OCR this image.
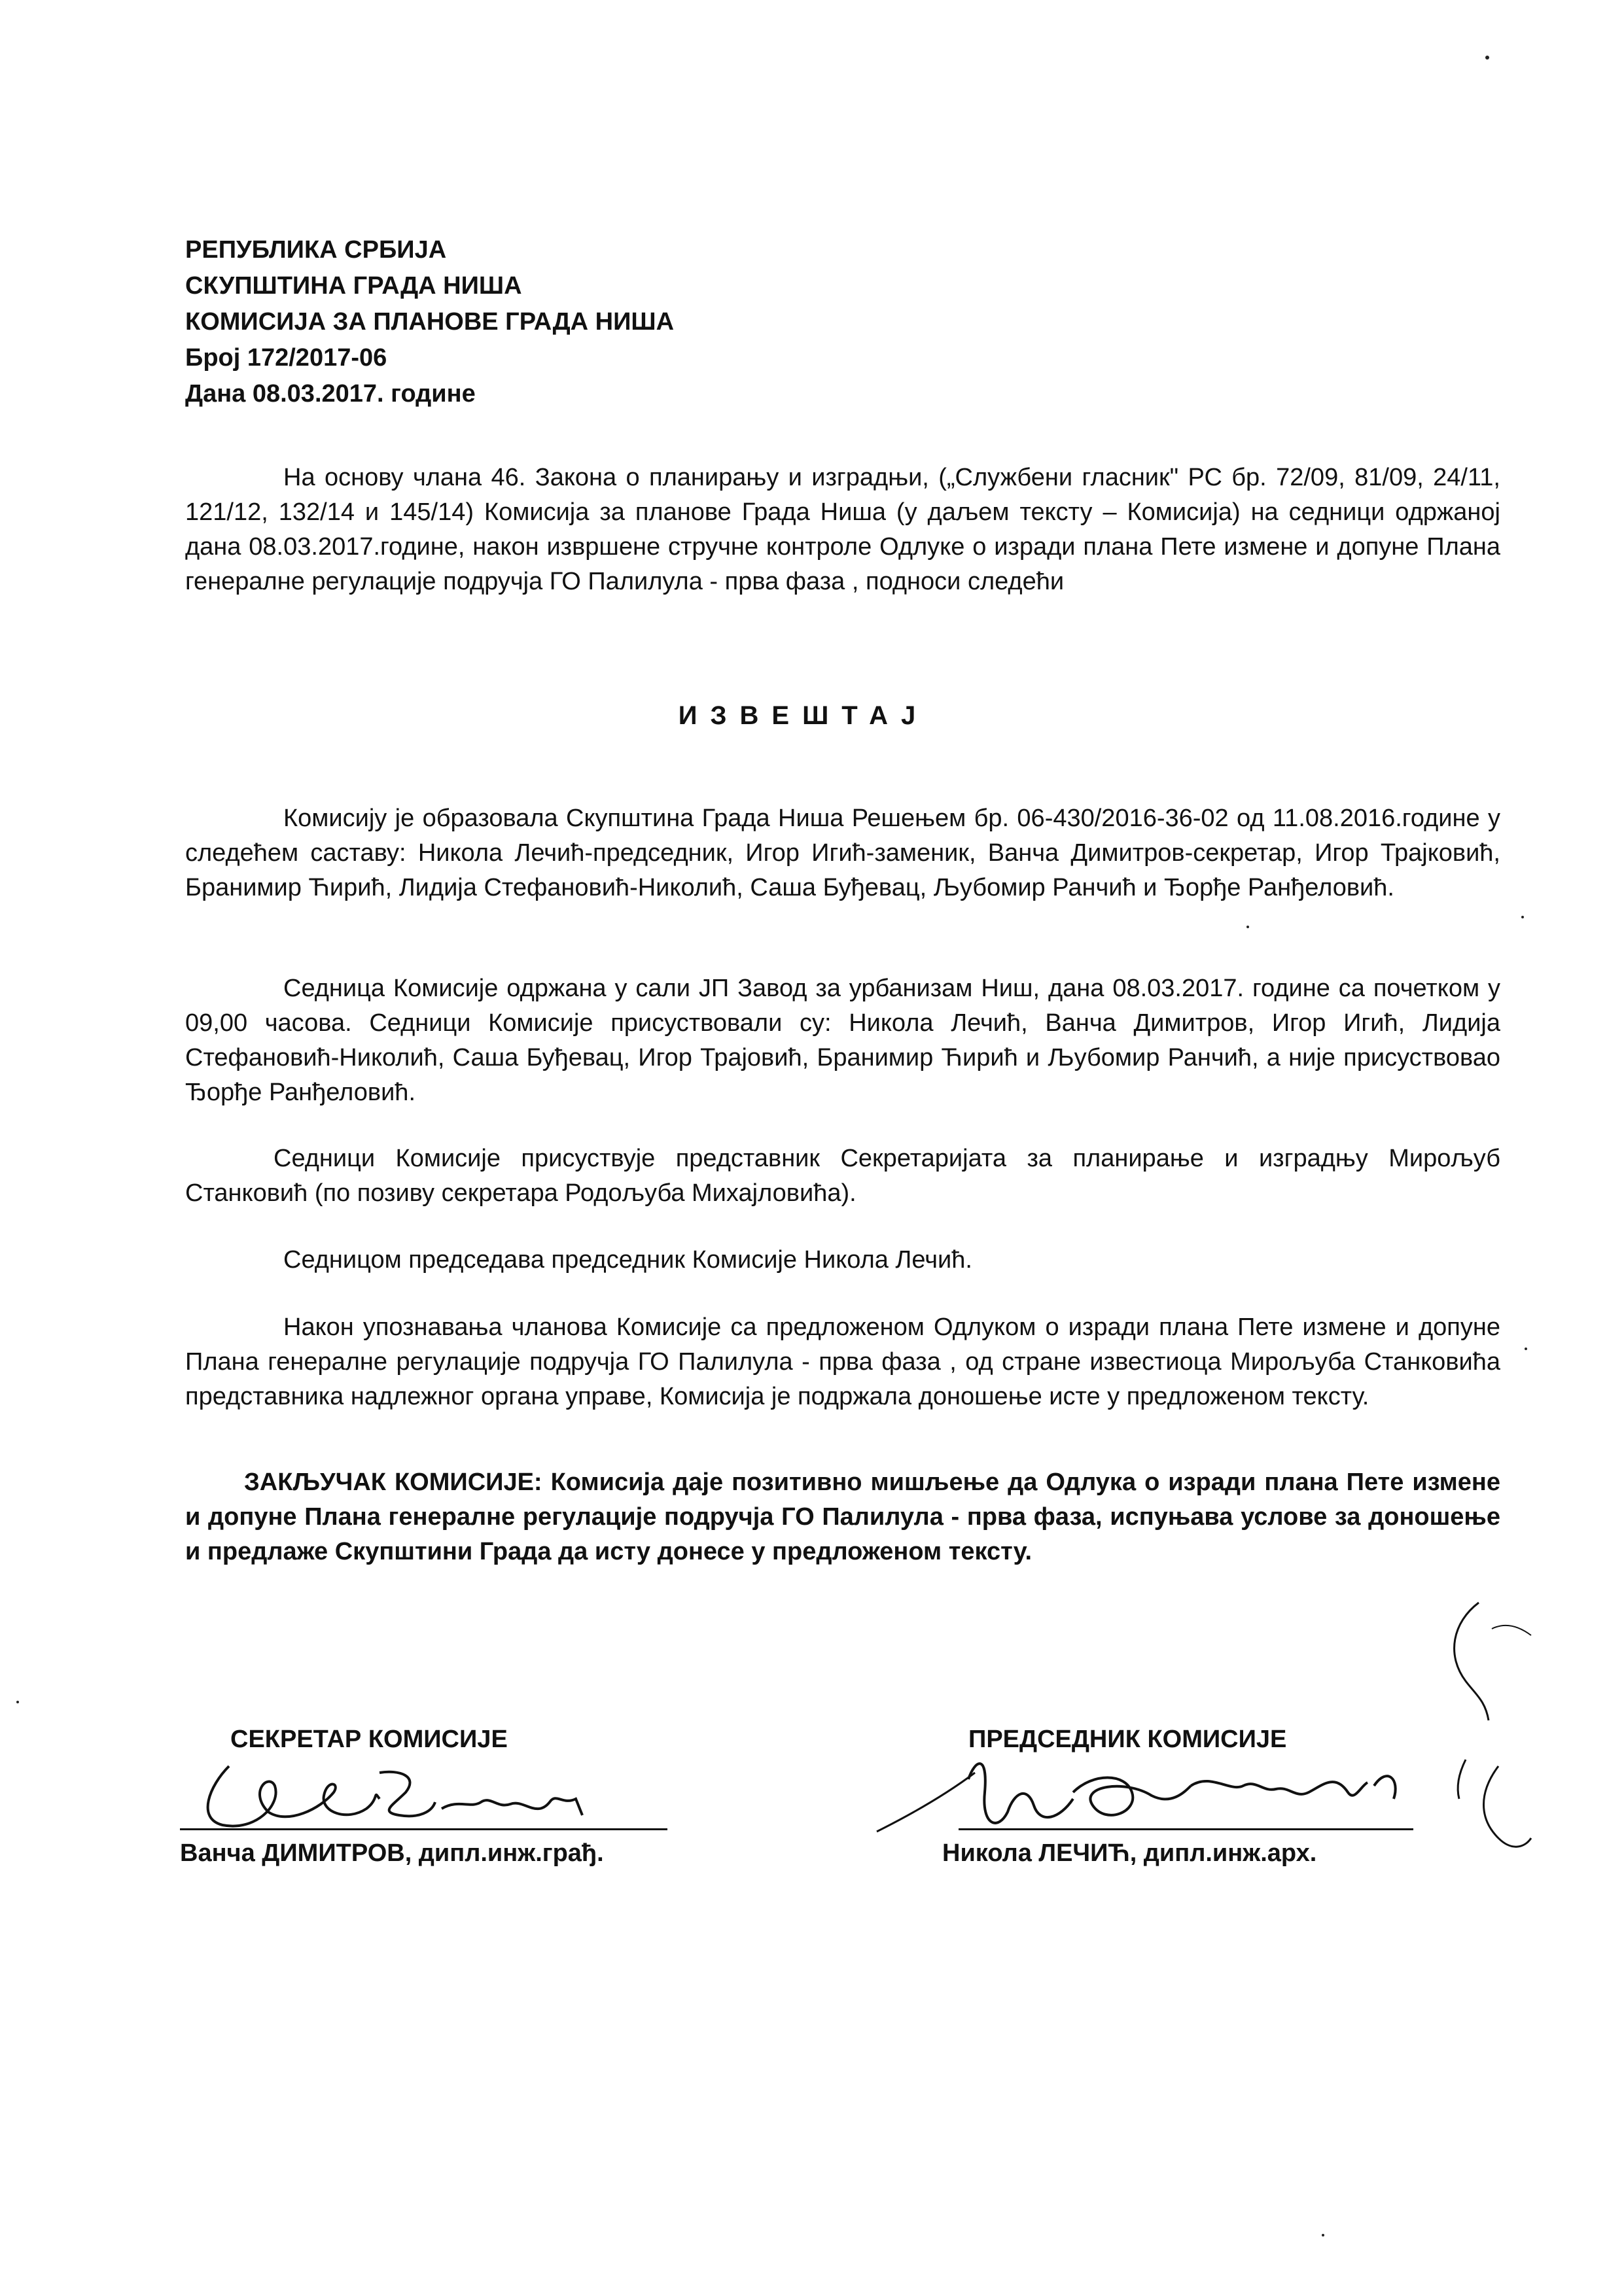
РЕПУБЛИКА СРБИЈА
СКУПШТИНА ГРАДА НИША
КОМИСИЈА ЗА ПЛАНОВЕ ГРАДА НИША
Број 172/2017-06
Дана 08.03.2017. године
На основу члана 46. Закона о планирању и изградњи, („Службени гласник" РС бр. 72/09, 81/09, 24/11, 121/12, 132/14 и 145/14) Комисија за планове Града Ниша (у даљем тексту – Комисија) на седници одржаној дана 08.03.2017.године, након извршене стручне контроле Одлуке о изради плана Пете измене и допуне Плана генералне регулације подручја ГО Палилула - прва фаза , подноси следећи
ИЗВЕШТАЈ
Комисију је образовала Скупштина Града Ниша Решењем бр. 06-430/2016-36-02 од 11.08.2016.године у следећем саставу: Никола Лечић-председник, Игор Игић-заменик, Ванча Димитров-секретар, Игор Трајковић, Бранимир Ћирић, Лидија Стефановић-Николић, Саша Буђевац, Љубомир Ранчић и Ђорђе Ранђеловић.
Седница Комисије одржана у сали ЈП Завод за урбанизам Ниш, дана 08.03.2017. године са почетком у 09,00 часова. Седници Комисије присуствовали су: Никола Лечић, Ванча Димитров, Игор Игић, Лидија Стефановић-Николић, Саша Буђевац, Игор Трајовић, Бранимир Ћирић и Љубомир Ранчић, а није присуствовао Ђорђе Ранђеловић.
Седници Комисије присуствује представник Секретаријата за планирање и изградњу Мирољуб Станковић (по позиву секретара Родољуба Михајловића).
Седницом председава председник Комисије Никола Лечић.
Након упознавања чланова Комисије са предложеном Одлуком о изради плана Пете измене и допуне Плана генералне регулације подручја ГО Палилула - прва фаза , од стране известиоца Мирољуба Станковића представника надлежног органа управе, Комисија је подржала доношење исте у предложеном тексту.
ЗАКЉУЧАК КОМИСИЈЕ: Комисија даје позитивно мишљење да Одлука о изради плана Пете измене и допуне Плана генералне регулације подручја ГО Палилула - прва фаза, испуњава услове за доношење и предлаже Скупштини Града да исту донесе у предложеном тексту.
СЕКРЕТАР КОМИСИЈЕ
Ванча ДИМИТРОВ, дипл.инж.грађ.
ПРЕДСЕДНИК КОМИСИЈЕ
Никола ЛЕЧИЋ, дипл.инж.арх.
